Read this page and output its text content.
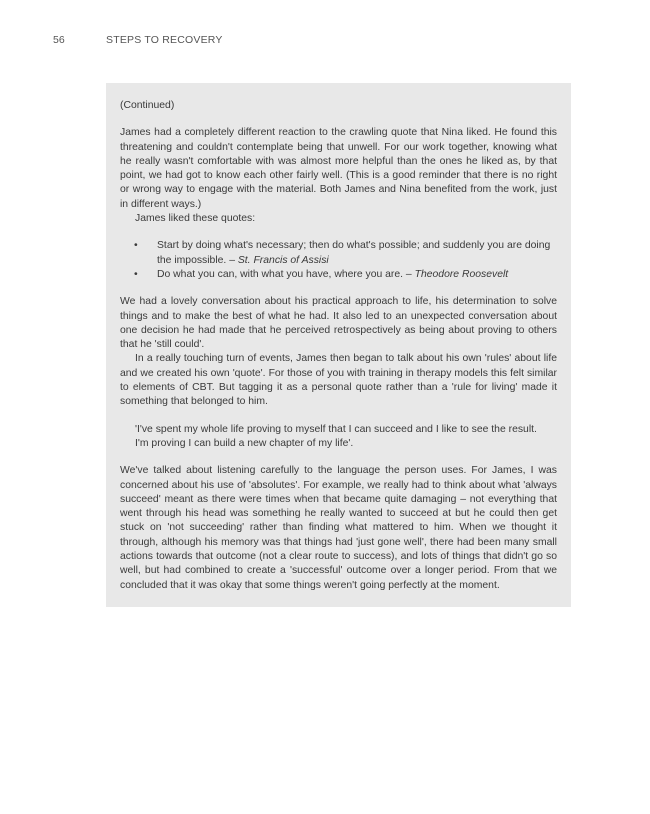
56	STEPS TO RECOVERY

(Continued)

James had a completely different reaction to the crawling quote that Nina liked. He found this threatening and couldn't contemplate being that unwell. For our work together, knowing what he really wasn't comfortable with was almost more helpful than the ones he liked as, by that point, we had got to know each other fairly well. (This is a good reminder that there is no right or wrong way to engage with the material. Both James and Nina benefited from the work, just in different ways.)

James liked these quotes:

• Start by doing what's necessary; then do what's possible; and suddenly you are doing the impossible. – St. Francis of Assisi
• Do what you can, with what you have, where you are. – Theodore Roosevelt

We had a lovely conversation about his practical approach to life, his determination to solve things and to make the best of what he had. It also led to an unexpected conversation about one decision he had made that he perceived retrospectively as being about proving to others that he 'still could'.

In a really touching turn of events, James then began to talk about his own 'rules' about life and we created his own 'quote'. For those of you with training in therapy models this felt similar to elements of CBT. But tagging it as a personal quote rather than a 'rule for living' made it something that belonged to him.

'I've spent my whole life proving to myself that I can succeed and I like to see the result. I'm proving I can build a new chapter of my life'.

We've talked about listening carefully to the language the person uses. For James, I was concerned about his use of 'absolutes'. For example, we really had to think about what 'always succeed' meant as there were times when that became quite damaging – not everything that went through his head was something he really wanted to succeed at but he could then get stuck on 'not succeeding' rather than finding what mattered to him. When we thought it through, although his memory was that things had 'just gone well', there had been many small actions towards that outcome (not a clear route to success), and lots of things that didn't go so well, but had combined to create a 'successful' outcome over a longer period. From that we concluded that it was okay that some things weren't going perfectly at the moment.
